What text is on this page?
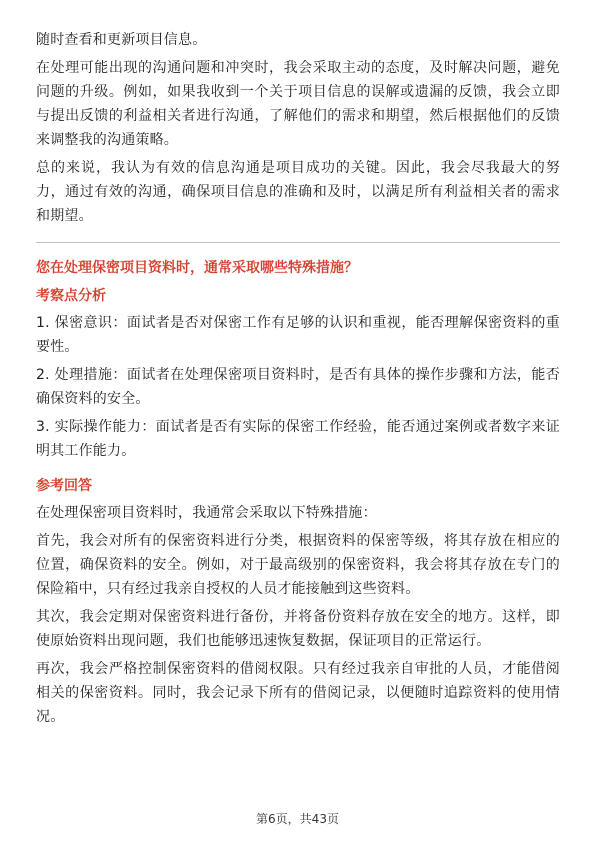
随时查看和更新项目信息。

在处理可能出现的沟通问题和冲突时，我会采取主动的态度，及时解决问题，避免问题的升级。例如，如果我收到一个关于项目信息的误解或遗漏的反馈，我会立即与提出反馈的利益相关者进行沟通，了解他们的需求和期望，然后根据他们的反馈来调整我的沟通策略。

总的来说，我认为有效的信息沟通是项目成功的关键。因此，我会尽我最大的努力，通过有效的沟通，确保项目信息的准确和及时，以满足所有利益相关者的需求和期望。

您在处理保密项目资料时，通常采取哪些特殊措施？
考察点分析

1. 保密意识：面试者是否对保密工作有足够的认识和重视，能否理解保密资料的重要性。

2. 处理措施：面试者在处理保密项目资料时，是否有具体的操作步骤和方法，能否确保资料的安全。

3. 实际操作能力：面试者是否有实际的保密工作经验，能否通过案例或者数字来证明其工作能力。

参考回答

在处理保密项目资料时，我通常会采取以下特殊措施：

首先，我会对所有的保密资料进行分类，根据资料的保密等级，将其存放在相应的位置，确保资料的安全。例如，对于最高级别的保密资料，我会将其存放在专门的保险箱中，只有经过我亲自授权的人员才能接触到这些资料。

其次，我会定期对保密资料进行备份，并将备份资料存放在安全的地方。这样，即使原始资料出现问题，我们也能够迅速恢复数据，保证项目的正常运行。

再次，我会严格控制保密资料的借阅权限。只有经过我亲自审批的人员，才能借阅相关的保密资料。同时，我会记录下所有的借阅记录，以便随时追踪资料的使用情况。

第6页，共43页
